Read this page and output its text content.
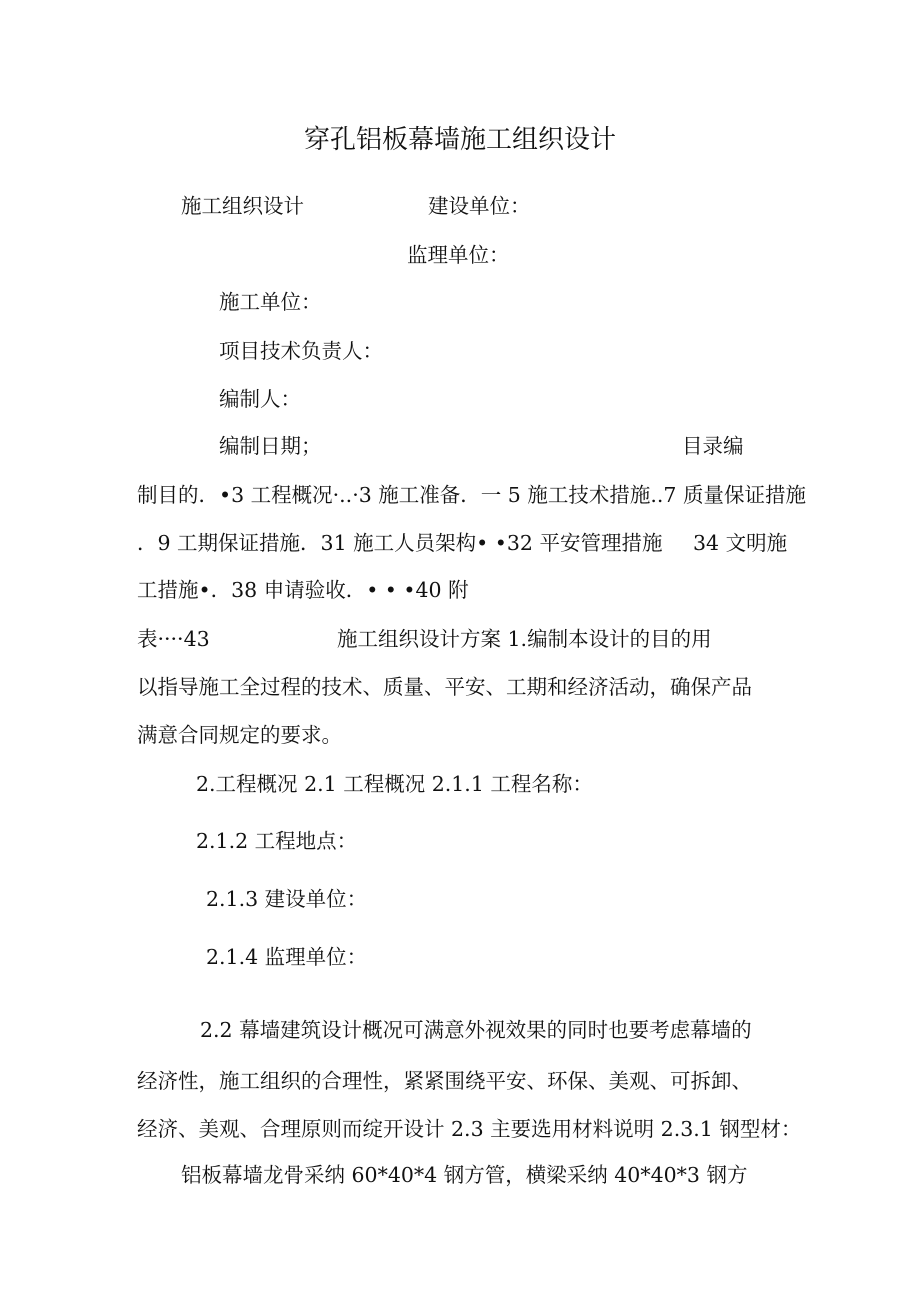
穿孔铝板幕墙施工组织设计

施工组织设计	建设单位：

监理单位：

施工单位：

项目技术负责人：

编制人：

编制日期；	目录编

制目的．•3 工程概况·..·3 施工准备．一 5 施工技术措施..7 质量保证措施

．9 工期保证措施．31 施工人员架构• •32 平安管理措施 34 文明施

工措施•．38 申请验收．• • •40 附

表····43	施工组织设计方案 1.编制本设计的目的用

以指导施工全过程的技术、质量、平安、工期和经济活动，确保产品

满意合同规定的要求。

2.工程概况 2.1 工程概况 2.1.1 工程名称：

2.1.2 工程地点：

2.1.3 建设单位：

2.1.4 监理单位：

2.2 幕墙建筑设计概况可满意外视效果的同时也要考虑幕墙的

经济性，施工组织的合理性，紧紧围绕平安、环保、美观、可拆卸、

经济、美观、合理原则而绽开设计 2.3 主要选用材料说明 2.3.1 钢型材：

铝板幕墙龙骨采纳 60*40*4 钢方管，横梁采纳 40*40*3 钢方
